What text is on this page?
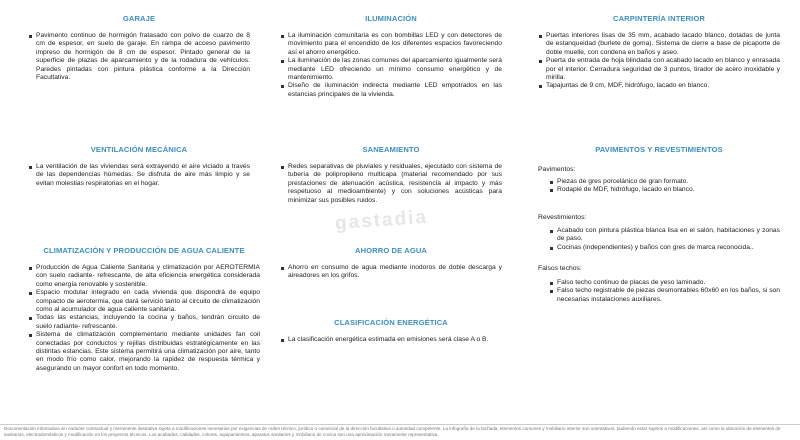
GARAJE
Pavimento continuo de hormigón fratasado con polvo de cuarzo de 8 cm de espesor, en suelo de garaje. En rampa de acceso pavimento impreso de hormigón de 8 cm de espesor. Pintado general de la superficie de plazas de aparcamiento y de la rodadura de vehículos. Paredes pintadas con pintura plástica conforme a la Dirección Facultativa.
ILUMINACIÓN
La iluminación comunitaria es con bombillas LED y con detectores de movimiento para el encendido de los diferentes espacios favoreciendo así el ahorro energético.
La iluminación de las zonas comunes del aparcamiento igualmente será mediante LED ofreciendo un mínimo consumo energético y de mantenimiento.
Diseño de iluminación indirecta mediante LED empotrados en las estancias principales de la vivienda.
CARPINTERÍA INTERIOR
Puertas interiores lisas de 35 mm, acabado lacado blanco, dotadas de junta de estanqueidad (burlete de goma). Sistema de cierre a base de picaporte de doble muelle, con condena en baños y aseo.
Puerta de entrada de hoja blindada con acabado lacado en blanco y enrasada por el interior. Cerradura seguridad de 3 puntos, tirador de acero inoxidable y mirilla.
Tapajuntas de 9 cm, MDF, hidrófugo, lacado en blanco.
VENTILACIÓN MECÁNICA
La ventilación de las viviendas será extrayendo el aire viciado a través de las dependencias húmedas. Se disfruta de aire más limpio y se evitan molestias respiratorias en el hogar.
SANEAMIENTO
Redes separativas de pluviales y residuales, ejecutado con sistema de tubería de polipropileno multicapa (material recomendado por sus prestaciones de atenuación acústica, resistencia al impacto y más respetuoso al medioambiente) y con soluciones acústicas para minimizar sus posibles ruidos.
PAVIMENTOS Y REVESTIMIENTOS

Pavimentos:

Piezas de gres porcelánico de gran formato.
Rodapié de MDF, hidrófugo, lacado en blanco.

Revestimientos:

Acabado con pintura plástica blanca lisa en el salón, habitaciones y zonas de paso.
Cocinas (independientes) y baños con gres de marca reconocida..

Falsos techos:

Falso techo continuo de placas de yeso laminado.
Falso techo registrable de piezas desmontables 60x60 en los baños, si son necesarias instalaciones auxiliares.
CLIMATIZACIÓN Y PRODUCCIÓN DE AGUA CALIENTE
Producción de Agua Caliente Sanitaria y climatización por AEROTERMIA con suelo radiante- refrescante, de alta eficiencia energética considerada como energía renovable y sostenible.
Espacio modular integrado en cada vivienda que dispondrá de equipo compacto de aerotermia, que dará servicio tanto al circuito de climatización como al acumulador de agua caliente sanitaria.
Todas las estancias, incluyendo la cocina y baños, tendrán circuito de suelo radiante- refrescante.
Sistema de climatización complementario mediante unidades fan coil conectadas por conductos y rejillas distribuidas estratégicamente en las distintas estancias. Este sistema permitirá una climatización por aire, tanto en modo frío como calor, mejorando la rapidez de respuesta térmica y asegurando un mayor confort en todo momento.
AHORRO DE AGUA
Ahorro en consumo de agua mediante inodoros de doble descarga y aireadores en los grifos.
CLASIFICACIÓN ENERGÉTICA
La clasificación energética estimada en emisiones será clase A o B.
gastadia
Documentación informativa sin carácter contractual y meramente ilustrativa sujeta a modificaciones necesarias por exigencias de orden técnico, jurídico o comercial de la dirección facultativa o autoridad competente. La infografía de la fachada, elementos comunes y mobiliario interior son orientativos, pudiendo estar sujetos a modificaciones, así como la ubicación de elementos de sanitarios, electrodomésticos y modificación en los proyectos técnicos. Los acabados, calidades, colores, equipamientos, aparatos sanitarios y mobiliario de cocina son una aproximación meramente representativa.
